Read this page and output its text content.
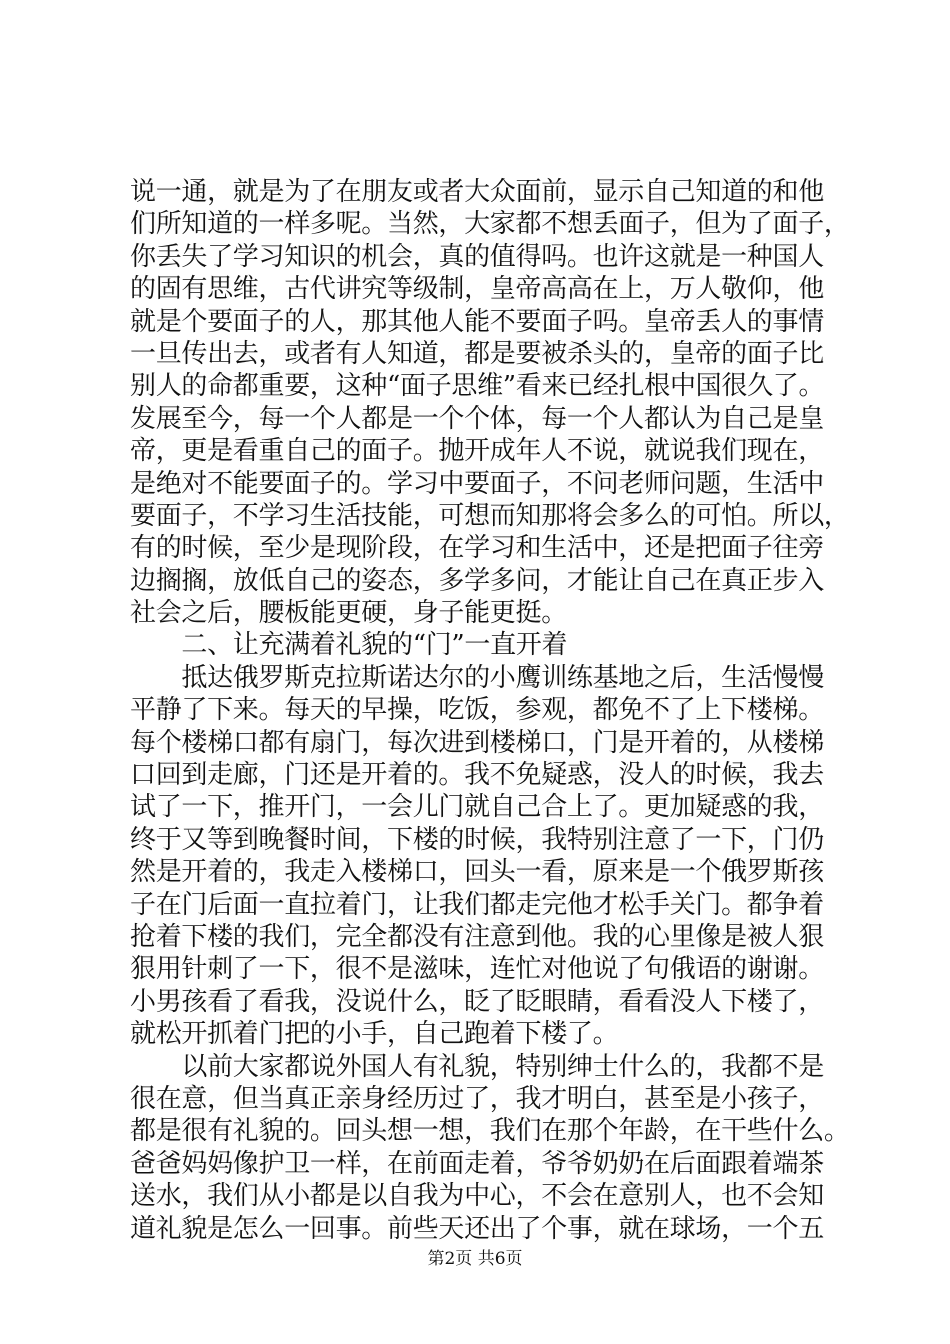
说一通，就是为了在朋友或者大众面前，显示自己知道的和他
们所知道的一样多呢。当然，大家都不想丢面子，但为了面子，
你丢失了学习知识的机会，真的值得吗。也许这就是一种国人
的固有思维，古代讲究等级制，皇帝高高在上，万人敬仰，他
就是个要面子的人，那其他人能不要面子吗。皇帝丢人的事情
一旦传出去，或者有人知道，都是要被杀头的，皇帝的面子比
别人的命都重要，这种“面子思维”看来已经扎根中国很久了。
发展至今，每一个人都是一个个体，每一个人都认为自己是皇
帝，更是看重自己的面子。抛开成年人不说，就说我们现在，
是绝对不能要面子的。学习中要面子，不问老师问题，生活中
要面子，不学习生活技能，可想而知那将会多么的可怕。所以，
有的时候，至少是现阶段，在学习和生活中，还是把面子往旁
边搁搁，放低自己的姿态，多学多问，才能让自己在真正步入
社会之后，腰板能更硬，身子能更挺。
　　二、让充满着礼貌的“门”一直开着
　　抵达俄罗斯克拉斯诺达尔的小鹰训练基地之后，生活慢慢
平静了下来。每天的早操，吃饭，参观，都免不了上下楼梯。
每个楼梯口都有扇门，每次进到楼梯口，门是开着的，从楼梯
口回到走廊，门还是开着的。我不免疑惑，没人的时候，我去
试了一下，推开门，一会儿门就自己合上了。更加疑惑的我，
终于又等到晚餐时间，下楼的时候，我特别注意了一下，门仍
然是开着的，我走入楼梯口，回头一看，原来是一个俄罗斯孩
子在门后面一直拉着门，让我们都走完他才松手关门。都争着
抢着下楼的我们，完全都没有注意到他。我的心里像是被人狠
狠用针刺了一下，很不是滋味，连忙对他说了句俄语的谢谢。
小男孩看了看我，没说什么，眨了眨眼睛，看看没人下楼了，
就松开抓着门把的小手，自己跑着下楼了。
　　以前大家都说外国人有礼貌，特别绅士什么的，我都不是
很在意，但当真正亲身经历过了，我才明白，甚至是小孩子，
都是很有礼貌的。回头想一想，我们在那个年龄，在干些什么。
爸爸妈妈像护卫一样，在前面走着，爷爷奶奶在后面跟着端茶
送水，我们从小都是以自我为中心，不会在意别人，也不会知
道礼貌是怎么一回事。前些天还出了个事，就在球场，一个五
第2页 共6页
